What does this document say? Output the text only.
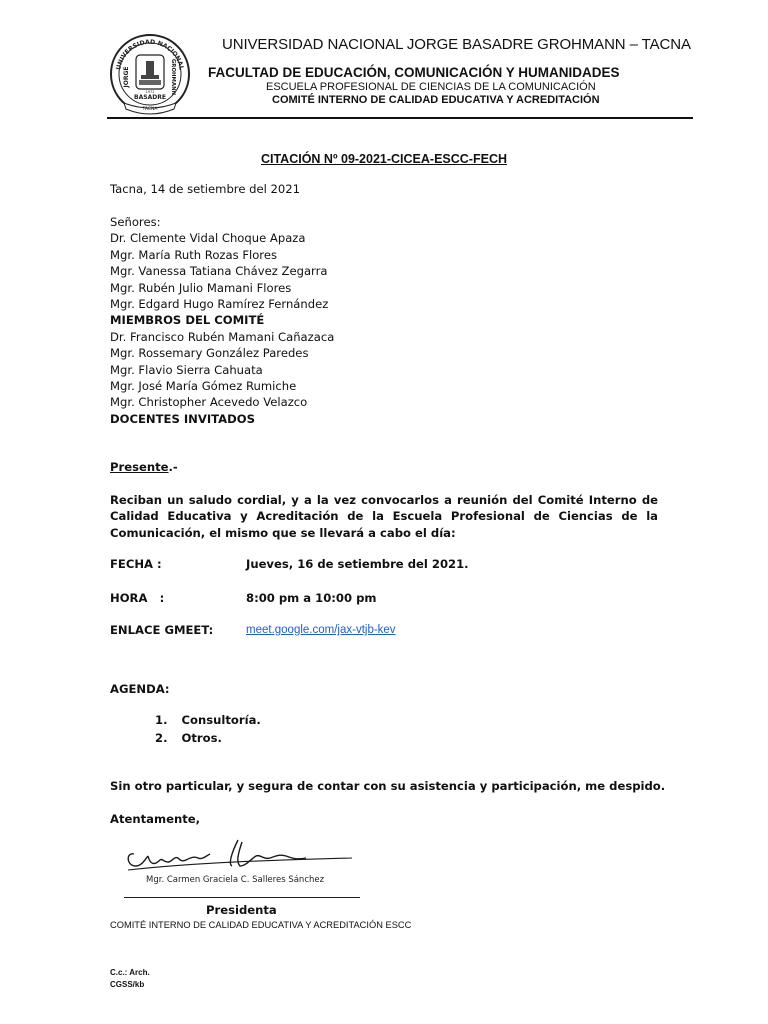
UNIVERSIDAD NACIONAL
JORGE	GROHMANN
BASADRE
TACNA
1971
UNIVERSIDAD NACIONAL JORGE BASADRE GROHMANN – TACNA
FACULTAD DE EDUCACIÓN, COMUNICACIÓN Y HUMANIDADES
ESCUELA PROFESIONAL DE CIENCIAS DE LA COMUNICACIÓN
COMITÉ INTERNO DE CALIDAD EDUCATIVA Y ACREDITACIÓN
CITACIÓN Nº 09-2021-CICEA-ESCC-FECH
Tacna, 14 de setiembre del 2021
Señores:
Dr. Clemente Vidal Choque Apaza
Mgr. María Ruth Rozas Flores
Mgr. Vanessa Tatiana Chávez Zegarra
Mgr. Rubén Julio Mamani Flores
Mgr. Edgard Hugo Ramírez Fernández
MIEMBROS DEL COMITÉ
Dr. Francisco Rubén Mamani Cañazaca
Mgr. Rossemary González Paredes
Mgr. Flavio Sierra Cahuata
Mgr. José María Gómez Rumiche
Mgr. Christopher Acevedo Velazco
DOCENTES INVITADOS
Presente.-
Reciban un saludo cordial, y a la vez convocarlos a reunión del Comité Interno de Calidad Educativa y Acreditación de la Escuela Profesional de Ciencias de la Comunicación, el mismo que se llevará a cabo el día:
FECHA :	Jueves, 16 de setiembre del 2021.
HORA   :	8:00 pm a 10:00 pm
ENLACE GMEET:	meet.google.com/jax-vtjb-kev
AGENDA:
1. Consultoría.
2. Otros.
Sin otro particular, y segura de contar con su asistencia y participación, me despido.
Atentamente,
Mgr. Carmen Graciela C. Salleres Sánchez
Presidenta
COMITÉ INTERNO DE CALIDAD EDUCATIVA Y ACREDITACIÓN ESCC
C.c.: Arch.
CGSS/kb
